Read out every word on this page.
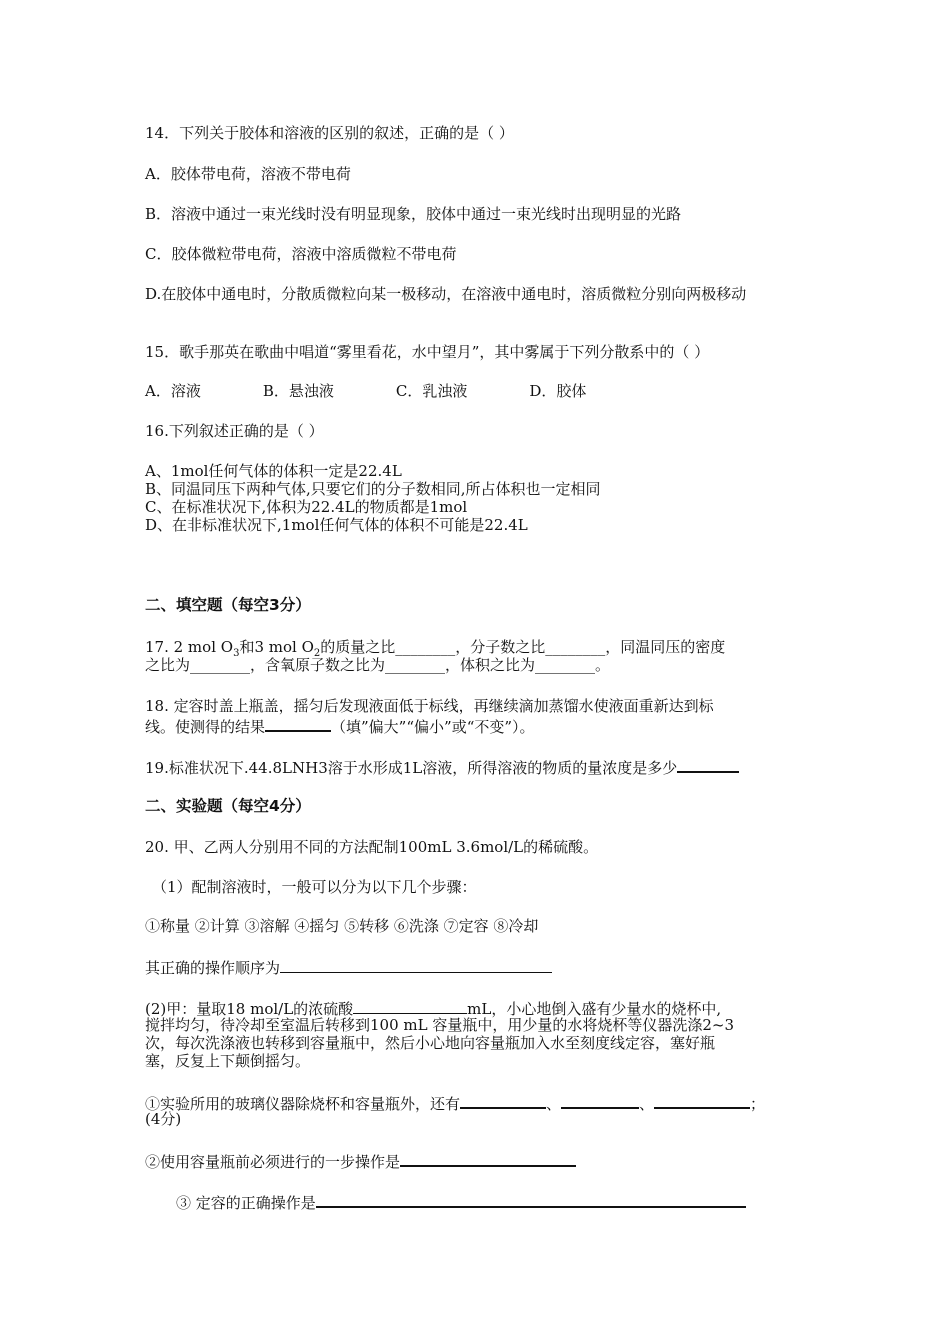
14．下列关于胶体和溶液的区别的叙述，正确的是（ ）
A．胶体带电荷，溶液不带电荷
B．溶液中通过一束光线时没有明显现象，胶体中通过一束光线时出现明显的光路
C．胶体微粒带电荷，溶液中溶质微粒不带电荷
D.在胶体中通电时，分散质微粒向某一极移动，在溶液中通电时，溶质微粒分别向两极移动
15．歌手那英在歌曲中唱道“雾里看花，水中望月”，其中雾属于下列分散系中的（ ）
A．溶液	B．悬浊液	C．乳浊液	D．胶体
16.下列叙述正确的是（ ）
A、1mol任何气体的体积一定是22.4L
B、同温同压下两种气体,只要它们的分子数相同,所占体积也一定相同
C、在标准状况下,体积为22.4L的物质都是1mol
D、在非标准状况下,1mol任何气体的体积不可能是22.4L
二、填空题（每空3分）
17. 2 mol $O_3$和3 mol $O_2$的质量之比________，分子数之比________，同温同压的密度
之比为________，含氧原子数之比为________，体积之比为________。
18. 定容时盖上瓶盖，摇匀后发现液面低于标线，再继续滴加蒸馏水使液面重新达到标
线。使测得的结果	（填”偏大”“偏小”或“不变”）。
19.标准状况下.44.8LNH3溶于水形成1L溶液，所得溶液的物质的量浓度是多少
二、实验题（每空4分）
20. 甲、乙两人分别用不同的方法配制100mL 3.6mol/L的稀硫酸。
（1）配制溶液时，一般可以分为以下几个步骤：
①称量 ②计算 ③溶解 ④摇匀 ⑤转移 ⑥洗涤 ⑦定容 ⑧冷却
其正确的操作顺序为
(2)甲：量取18 mol/L的浓硫酸	mL，小心地倒入盛有少量水的烧杯中,
搅拌均匀，待冷却至室温后转移到100 mL 容量瓶中，用少量的水将烧杯等仪器洗涤2~3
次，每次洗涤液也转移到容量瓶中，然后小心地向容量瓶加入水至刻度线定容，塞好瓶
塞，反复上下颠倒摇匀。
①实验所用的玻璃仪器除烧杯和容量瓶外，还有	、	、	；
(4分)
②使用容量瓶前必须进行的一步操作是
③ 定容的正确操作是
